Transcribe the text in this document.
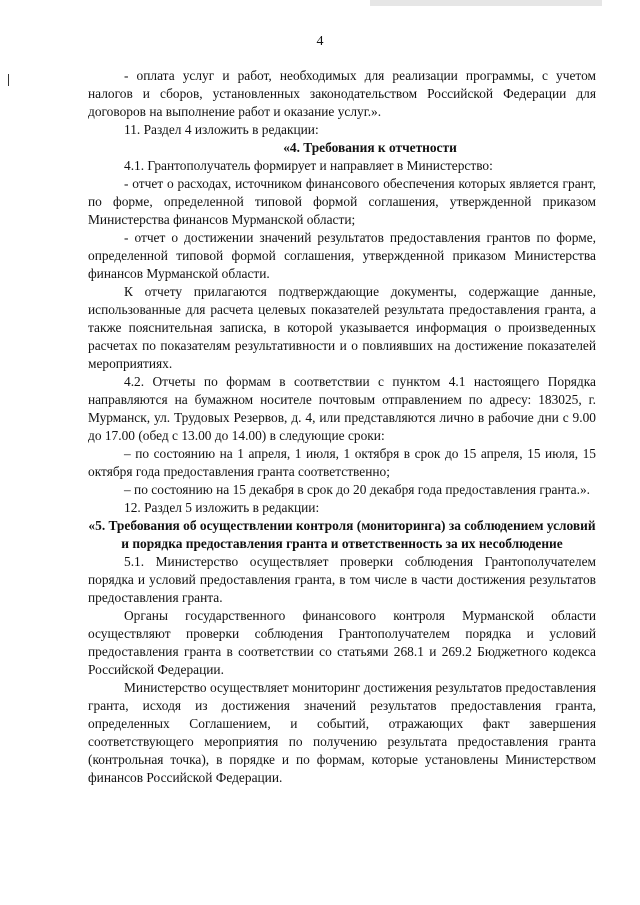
4

- оплата услуг и работ, необходимых для реализации программы, с учетом налогов и сборов, установленных законодательством Российской Федерации для договоров на выполнение работ и оказание услуг.».

11. Раздел 4 изложить в редакции:

«4. Требования к отчетности

4.1. Грантополучатель формирует и направляет в Министерство:

- отчет о расходах, источником финансового обеспечения которых является грант, по форме, определенной типовой формой соглашения, утвержденной приказом Министерства финансов Мурманской области;

- отчет о достижении значений результатов предоставления грантов по форме, определенной типовой формой соглашения, утвержденной приказом Министерства финансов Мурманской области.

К отчету прилагаются подтверждающие документы, содержащие данные, использованные для расчета целевых показателей результата предоставления гранта, а также пояснительная записка, в которой указывается информация о произведенных расчетах по показателям результативности и о повлиявших на достижение показателей мероприятиях.

4.2. Отчеты по формам в соответствии с пунктом 4.1 настоящего Порядка направляются на бумажном носителе почтовым отправлением по адресу: 183025, г. Мурманск, ул. Трудовых Резервов, д. 4, или представляются лично в рабочие дни с 9.00 до 17.00 (обед с 13.00 до 14.00) в следующие сроки:

– по состоянию на 1 апреля, 1 июля, 1 октября в срок до 15 апреля, 15 июля, 15 октября года предоставления гранта соответственно;

– по состоянию на 15 декабря в срок до 20 декабря года предоставления гранта.».

12. Раздел 5 изложить в редакции:

«5. Требования об осуществлении контроля (мониторинга) за соблюдением условий и порядка предоставления гранта и ответственность за их несоблюдение

5.1. Министерство осуществляет проверки соблюдения Грантополучателем порядка и условий предоставления гранта, в том числе в части достижения результатов предоставления гранта.

Органы государственного финансового контроля Мурманской области осуществляют проверки соблюдения Грантополучателем порядка и условий предоставления гранта в соответствии со статьями 268.1 и 269.2 Бюджетного кодекса Российской Федерации.

Министерство осуществляет мониторинг достижения результатов предоставления гранта, исходя из достижения значений результатов предоставления гранта, определенных Соглашением, и событий, отражающих факт завершения соответствующего мероприятия по получению результата предоставления гранта (контрольная точка), в порядке и по формам, которые установлены Министерством финансов Российской Федерации.
